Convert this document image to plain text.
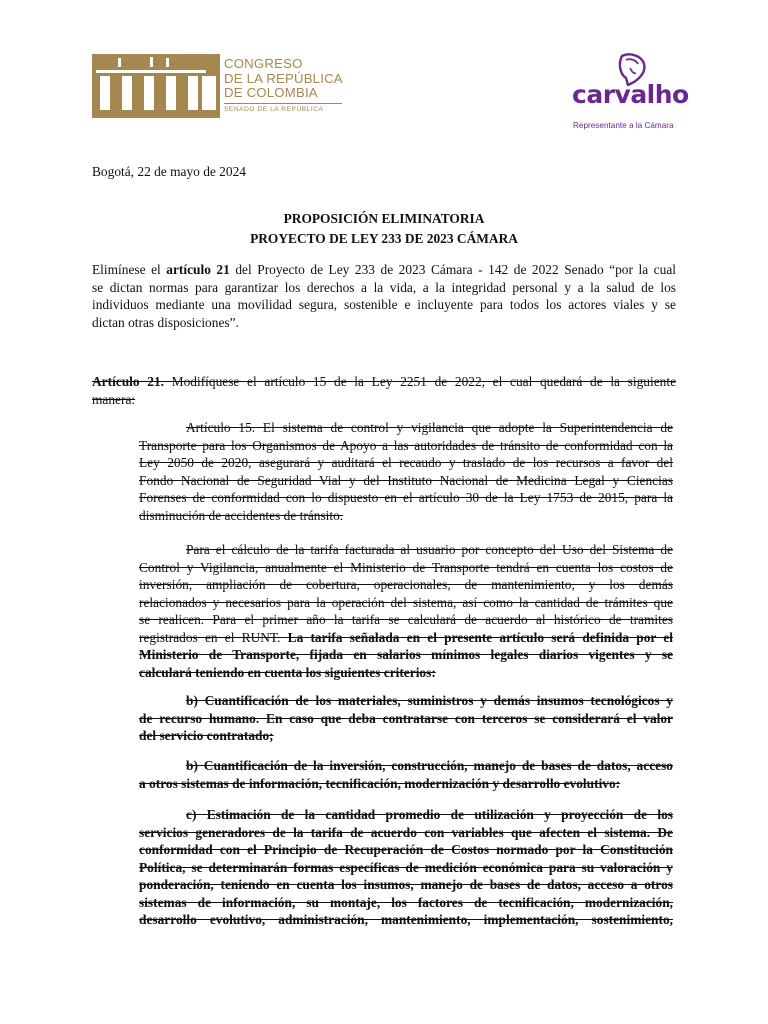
CONGRESO
DE LA REPÚBLICA
DE COLOMBIA
SENADO DE LA REPÚBLICA
carvalho
Representante a la Cámara
Bogotá, 22 de mayo de 2024
PROPOSICIÓN ELIMINATORIA
PROYECTO DE LEY 233 DE 2023 CÁMARA
Elimínese el artículo 21 del Proyecto de Ley 233 de 2023 Cámara - 142 de 2022 Senado “por la cual
se dictan normas para garantizar los derechos a la vida, a la integridad personal y a la salud de los
individuos mediante una movilidad segura, sostenible e incluyente para todos los actores viales y se
dictan otras disposiciones”.
Artículo 21. Modifíquese el artículo 15 de la Ley 2251 de 2022, el cual quedará de la siguiente
manera:
Artículo 15. El sistema de control y vigilancia que adopte la Superintendencia de
Transporte para los Organismos de Apoyo a las autoridades de tránsito de conformidad con la
Ley 2050 de 2020, asegurará y auditará el recaudo y traslado de los recursos a favor del
Fondo Nacional de Seguridad Vial y del Instituto Nacional de Medicina Legal y Ciencias
Forenses de conformidad con lo dispuesto en el artículo 30 de la Ley 1753 de 2015, para la
disminución de accidentes de tránsito.
Para el cálculo de la tarifa facturada al usuario por concepto del Uso del Sistema de
Control y Vigilancia, anualmente el Ministerio de Transporte tendrá en cuenta los costos de
inversión, ampliación de cobertura, operacionales, de mantenimiento, y los demás
relacionados y necesarios para la operación del sistema, así como la cantidad de trámites que
se realicen. Para el primer año la tarifa se calculará de acuerdo al histórico de tramites
registrados en el RUNT. La tarifa señalada en el presente artículo será definida por el
Ministerio de Transporte, fijada en salarios mínimos legales diarios vigentes y se
calculará teniendo en cuenta los siguientes criterios:
b) Cuantificación de los materiales, suministros y demás insumos tecnológicos y
de recurso humano. En caso que deba contratarse con terceros se considerará el valor
del servicio contratado;
b) Cuantificación de la inversión, construcción, manejo de bases de datos, acceso
a otros sistemas de información, tecnificación, modernización y desarrollo evolutivo:
c) Estimación de la cantidad promedio de utilización y proyección de los
servicios generadores de la tarifa de acuerdo con variables que afecten el sistema. De
conformidad con el Principio de Recuperación de Costos normado por la Constitución
Política, se determinarán formas específicas de medición económica para su valoración y
ponderación, teniendo en cuenta los insumos, manejo de bases de datos, acceso a otros
sistemas de información, su montaje, los factores de tecnificación, modernización,
desarrollo evolutivo, administración, mantenimiento, implementación, sostenimiento,
